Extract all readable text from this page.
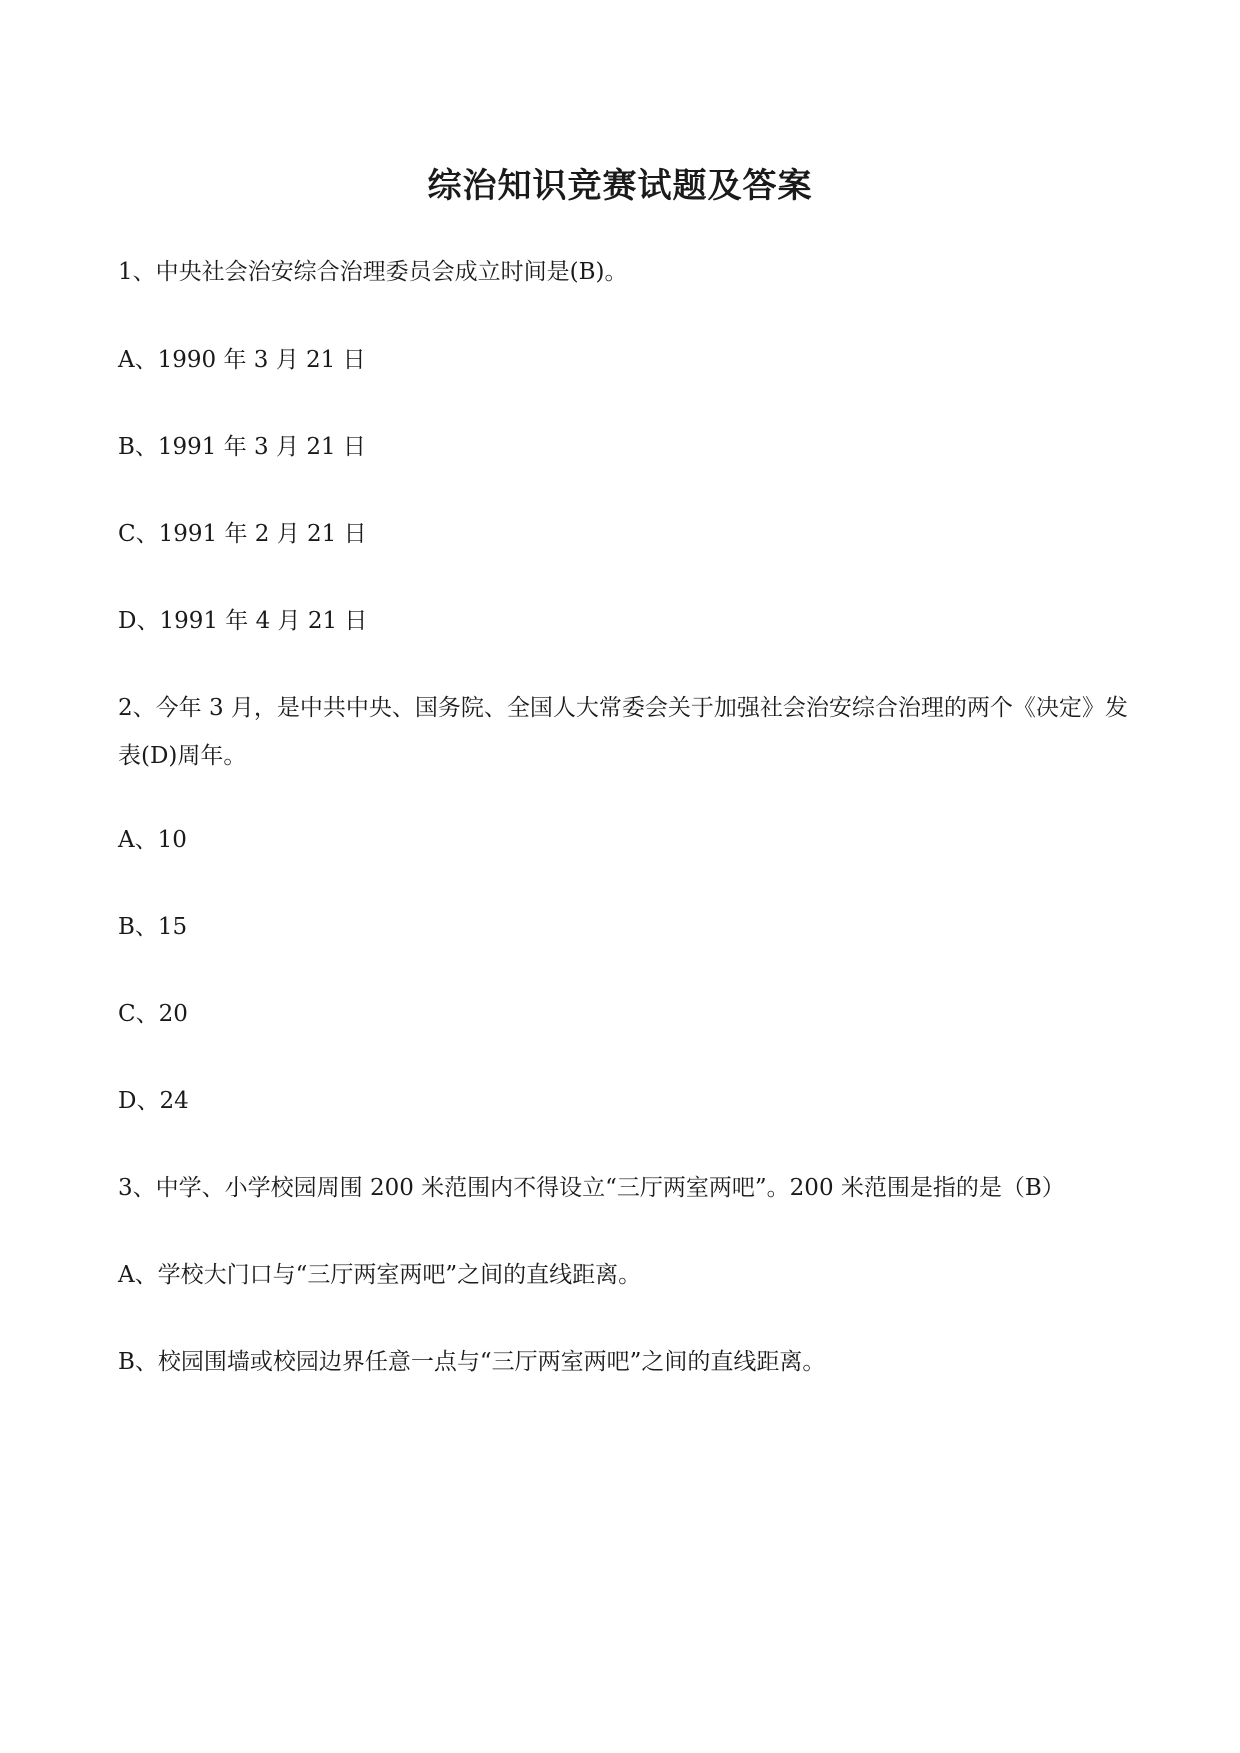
综治知识竞赛试题及答案
1、中央社会治安综合治理委员会成立时间是(B)。
A、1990 年 3 月 21 日
B、1991 年 3 月 21 日
C、1991 年 2 月 21 日
D、1991 年 4 月 21 日
2、今年 3 月，是中共中央、国务院、全国人大常委会关于加强社会治安综合治理的两个《决定》发表(D)周年。
A、10
B、15
C、20
D、24
3、中学、小学校园周围 200 米范围内不得设立“三厅两室两吧”。200 米范围是指的是（B）
A、学校大门口与“三厅两室两吧”之间的直线距离。
B、校园围墙或校园边界任意一点与“三厅两室两吧”之间的直线距离。
